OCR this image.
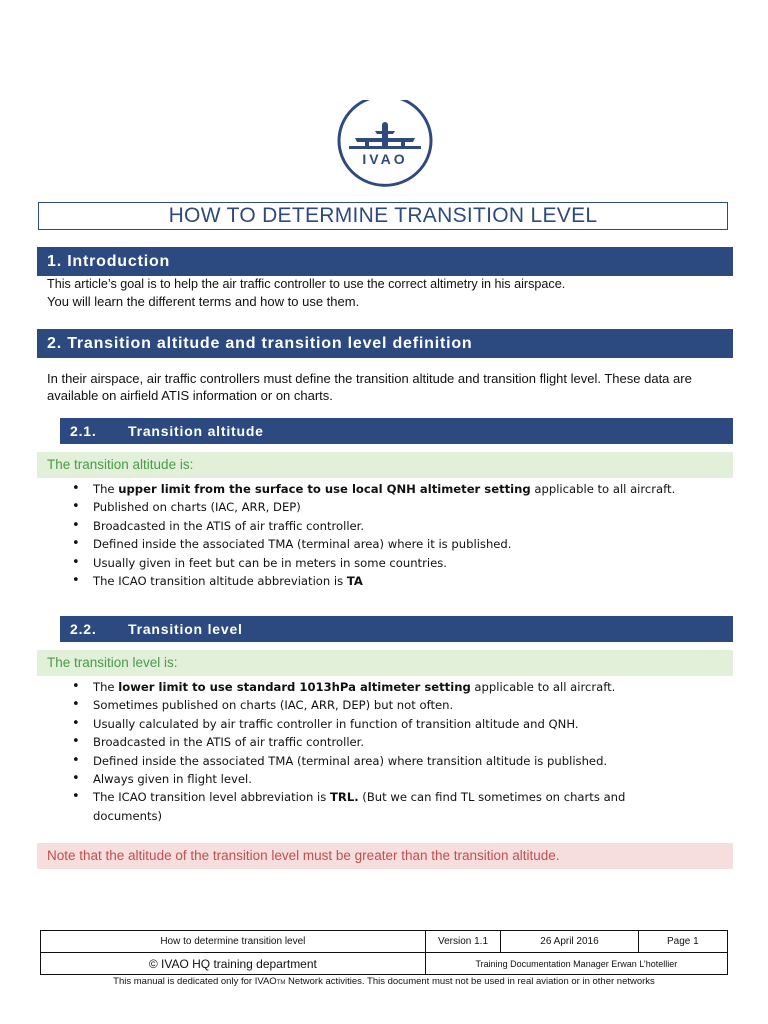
IVAO
HOW TO DETERMINE TRANSITION LEVEL
1. Introduction
This article’s goal is to help the air traffic controller to use the correct altimetry in his airspace.
You will learn the different terms and how to use them.
2. Transition altitude and transition level definition
In their airspace, air traffic controllers must define the transition altitude and transition flight level. These data are available on airfield ATIS information or on charts.
2.1. Transition altitude
The transition altitude is:
• The upper limit from the surface to use local QNH altimeter setting applicable to all aircraft.
• Published on charts (IAC, ARR, DEP)
• Broadcasted in the ATIS of air traffic controller.
• Defined inside the associated TMA (terminal area) where it is published.
• Usually given in feet but can be in meters in some countries.
• The ICAO transition altitude abbreviation is TA
2.2. Transition level
The transition level is:
• The lower limit to use standard 1013hPa altimeter setting applicable to all aircraft.
• Sometimes published on charts (IAC, ARR, DEP) but not often.
• Usually calculated by air traffic controller in function of transition altitude and QNH.
• Broadcasted in the ATIS of air traffic controller.
• Defined inside the associated TMA (terminal area) where transition altitude is published.
• Always given in flight level.
• The ICAO transition level abbreviation is TRL. (But we can find TL sometimes on charts and documents)
Note that the altitude of the transition level must be greater than the transition altitude.
How to determine transition level	Version 1.1	26 April 2016	Page 1
© IVAO HQ training department	Training Documentation Manager Erwan L’hotellier		
This manual is dedicated only for IVAOTM Network activities. This document must not be used in real aviation or in other networks
